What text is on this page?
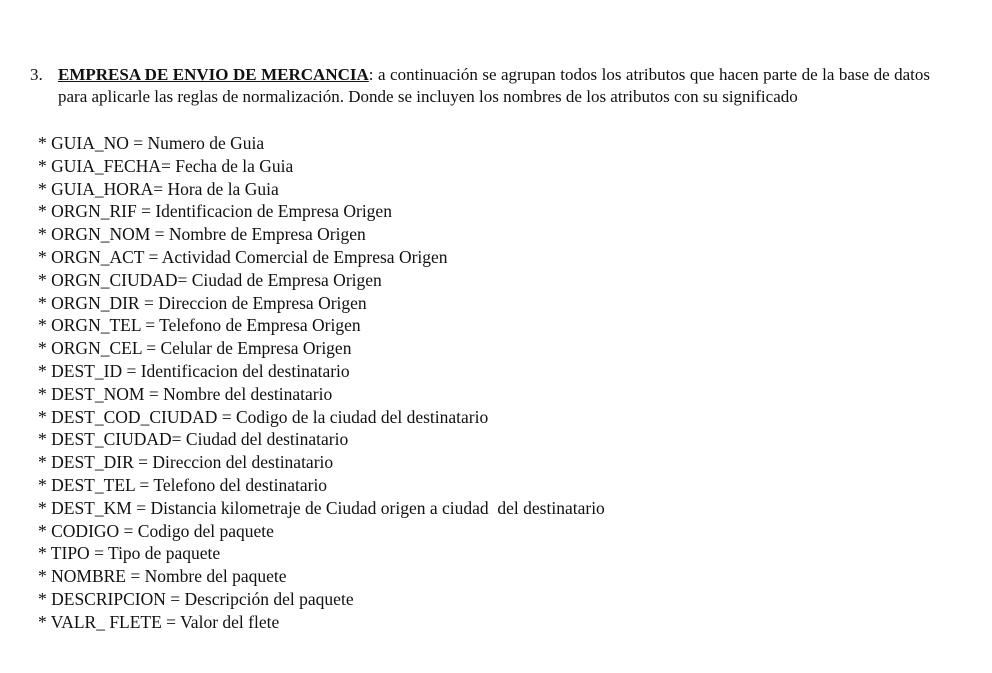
3. EMPRESA DE ENVIO DE MERCANCIA: a continuación se agrupan todos los atributos que hacen parte de la base de datos para aplicarle las reglas de normalización. Donde se incluyen los nombres de los atributos con su significado

* GUIA_NO = Numero de Guia
* GUIA_FECHA= Fecha de la Guia
* GUIA_HORA= Hora de la Guia
* ORGN_RIF = Identificacion de Empresa Origen
* ORGN_NOM = Nombre de Empresa Origen
* ORGN_ACT = Actividad Comercial de Empresa Origen
* ORGN_CIUDAD= Ciudad de Empresa Origen
* ORGN_DIR = Direccion de Empresa Origen
* ORGN_TEL = Telefono de Empresa Origen
* ORGN_CEL = Celular de Empresa Origen
* DEST_ID = Identificacion del destinatario
* DEST_NOM = Nombre del destinatario
* DEST_COD_CIUDAD = Codigo de la ciudad del destinatario
* DEST_CIUDAD= Ciudad del destinatario
* DEST_DIR = Direccion del destinatario
* DEST_TEL = Telefono del destinatario
* DEST_KM = Distancia kilometraje de Ciudad origen a ciudad  del destinatario
* CODIGO = Codigo del paquete
* TIPO = Tipo de paquete
* NOMBRE = Nombre del paquete
* DESCRIPCION = Descripción del paquete
* VALR_ FLETE = Valor del flete
